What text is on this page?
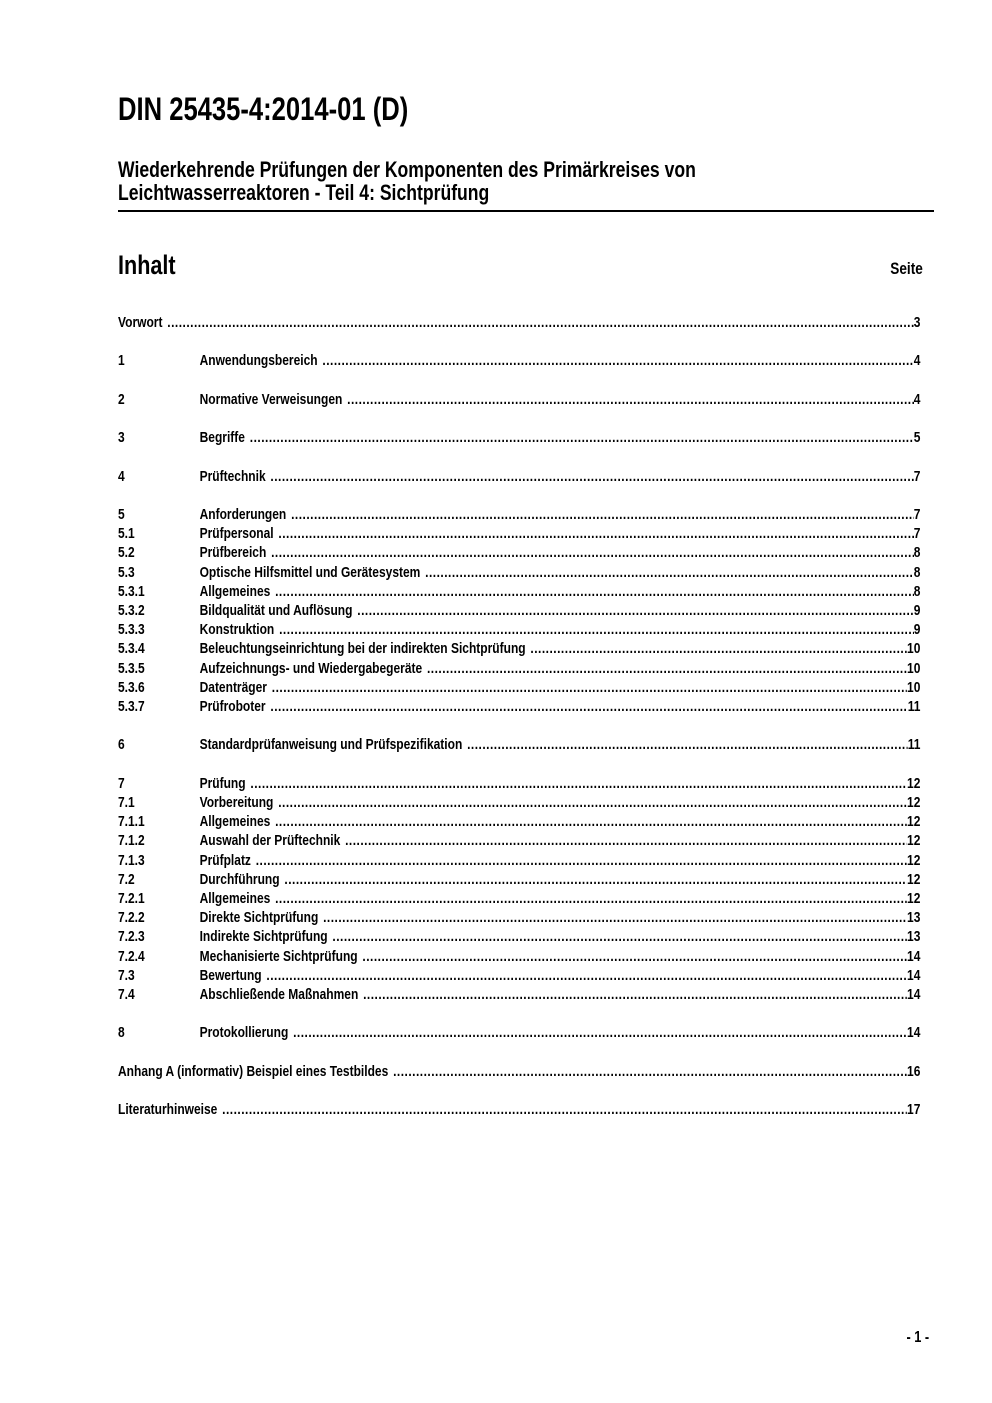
DIN 25435-4:2014-01 (D)
Wiederkehrende Prüfungen der Komponenten des Primärkreises von
Leichtwasserreaktoren - Teil 4: Sichtprüfung
Inhalt	Seite
Vorwort .....	3
1	Anwendungsbereich .....	4
2	Normative Verweisungen .....	4
3	Begriffe .....	5
4	Prüftechnik .....	7
5	Anforderungen .....	7
5.1	Prüfpersonal .....	7
5.2	Prüfbereich .....	8
5.3	Optische Hilfsmittel und Gerätesystem .....	8
5.3.1	Allgemeines .....	8
5.3.2	Bildqualität und Auflösung .....	9
5.3.3	Konstruktion .....	9
5.3.4	Beleuchtungseinrichtung bei der indirekten Sichtprüfung .....	10
5.3.5	Aufzeichnungs- und Wiedergabegeräte .....	10
5.3.6	Datenträger .....	10
5.3.7	Prüfroboter .....	11
6	Standardprüfanweisung und Prüfspezifikation .....	11
7	Prüfung .....	12
7.1	Vorbereitung .....	12
7.1.1	Allgemeines .....	12
7.1.2	Auswahl der Prüftechnik .....	12
7.1.3	Prüfplatz .....	12
7.2	Durchführung .....	12
7.2.1	Allgemeines .....	12
7.2.2	Direkte Sichtprüfung .....	13
7.2.3	Indirekte Sichtprüfung .....	13
7.2.4	Mechanisierte Sichtprüfung .....	14
7.3	Bewertung .....	14
7.4	Abschließende Maßnahmen .....	14
8	Protokollierung .....	14
Anhang A (informativ) Beispiel eines Testbildes .....	16
Literaturhinweise .....	17
- 1 -
